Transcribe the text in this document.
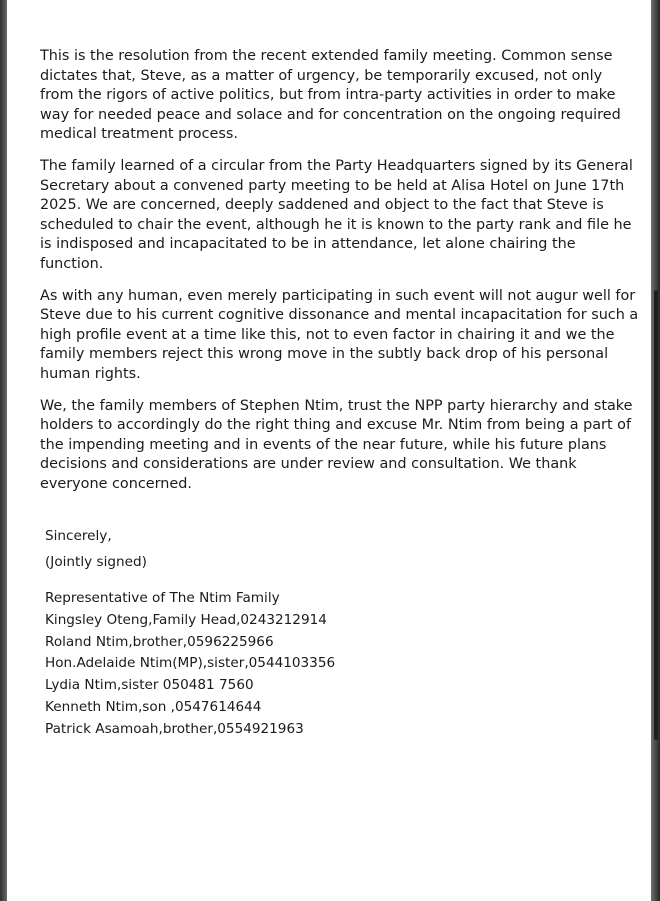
This is the resolution from the recent extended family meeting. Common sense dictates that, Steve, as a matter of urgency, be temporarily excused, not only from the rigors of active politics, but from intra-party activities in order to make way for needed peace and solace and for concentration on the ongoing required medical treatment process.

The family learned of a circular from the Party Headquarters signed by its General Secretary about a convened party meeting to be held at Alisa Hotel on June 17th 2025. We are concerned, deeply saddened and object to the fact that Steve is scheduled to chair the event, although he it is known to the party rank and file he is indisposed and incapacitated to be in attendance, let alone chairing the function.

As with any human, even merely participating in such event will not augur well for Steve due to his current cognitive dissonance and mental incapacitation for such a high profile event at a time like this, not to even factor in chairing it and we the family members reject this wrong move in the subtly back drop of his personal human rights.

We, the family members of Stephen Ntim, trust the NPP party hierarchy and stake holders to accordingly do the right thing and excuse Mr. Ntim from being a part of the impending meeting and in events of the near future, while his future plans decisions and considerations are under review and consultation. We thank everyone concerned.

Sincerely,
(Jointly signed)
Representative of The Ntim Family
Kingsley Oteng,Family Head,0243212914
Roland Ntim,brother,0596225966
Hon.Adelaide Ntim(MP),sister,0544103356
Lydia Ntim,sister 050481 7560
Kenneth Ntim,son ,0547614644
Patrick Asamoah,brother,0554921963
